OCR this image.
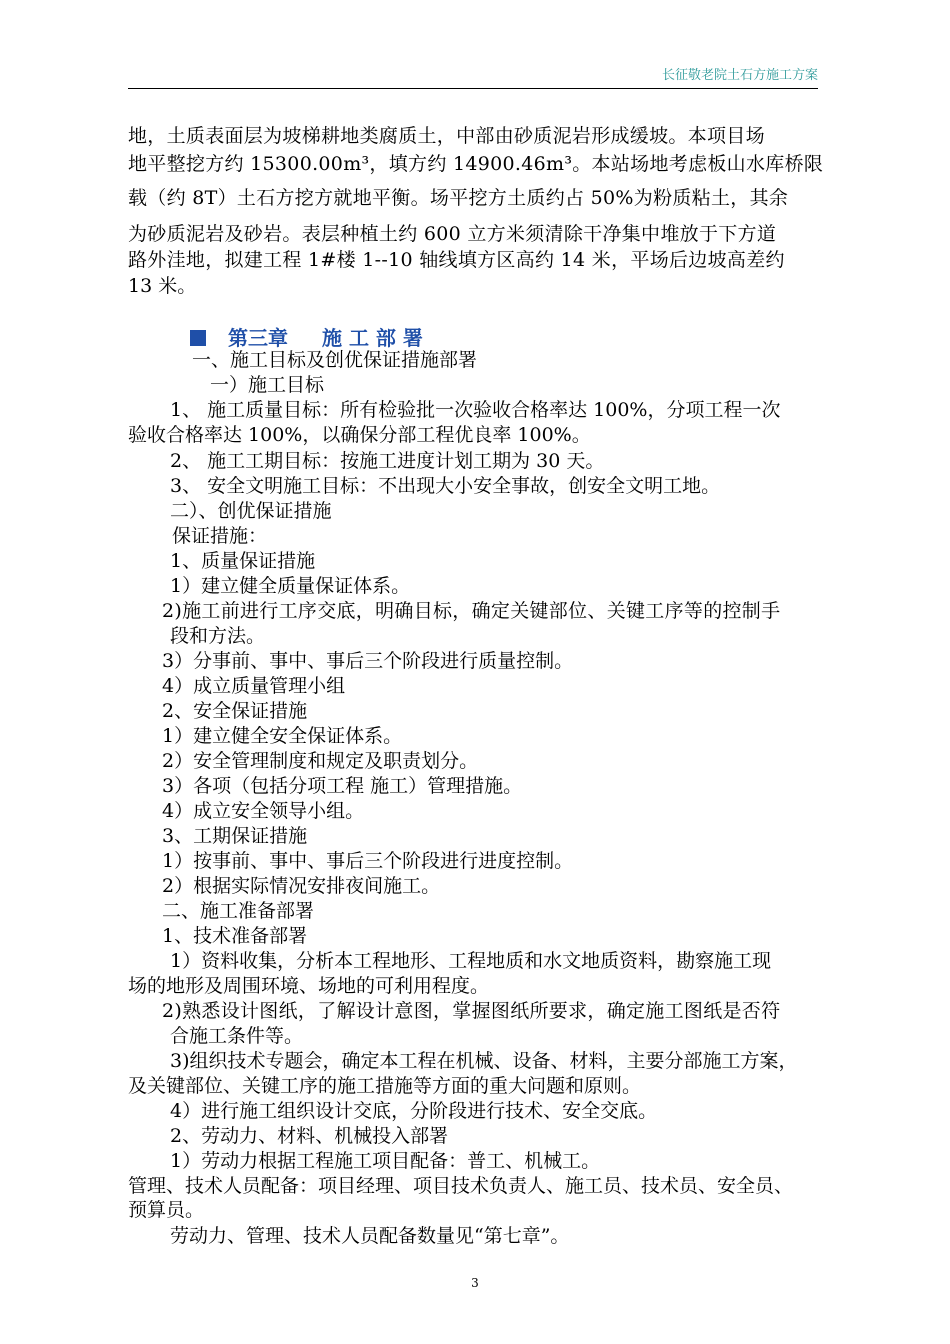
长征敬老院土石方施工方案
地，土质表面层为坡梯耕地类腐质土，中部由砂质泥岩形成缓坡。本项目场
地平整挖方约 15300.00m³，填方约 14900.46m³。本站场地考虑板山水库桥限
载（约 8T）土石方挖方就地平衡。场平挖方土质约占 50%为粉质粘土，其余
为砂质泥岩及砂岩。表层种植土约 600 立方米须清除干净集中堆放于下方道
路外洼地，拟建工程 1#楼 1--10 轴线填方区高约 14 米，平场后边坡高差约
13 米。
第三章 施 工 部 署
一、施工目标及创优保证措施部署
一）施工目标
1、 施工质量目标：所有检验批一次验收合格率达 100%，分项工程一次
验收合格率达 100%，以确保分部工程优良率 100%。
2、 施工工期目标：按施工进度计划工期为 30 天。
3、 安全文明施工目标：不出现大小安全事故，创安全文明工地。
二）、创优保证措施
保证措施：
1、质量保证措施
1）建立健全质量保证体系。
2)施工前进行工序交底，明确目标，确定关键部位、关键工序等的控制手
段和方法。
3）分事前、事中、事后三个阶段进行质量控制。
4）成立质量管理小组
2、安全保证措施
1）建立健全安全保证体系。
2）安全管理制度和规定及职责划分。
3）各项（包括分项工程 施工）管理措施。
4）成立安全领导小组。
3、工期保证措施
1）按事前、事中、事后三个阶段进行进度控制。
2）根据实际情况安排夜间施工。
二、施工准备部署
1、技术准备部署
1）资料收集，分析本工程地形、工程地质和水文地质资料，勘察施工现
场的地形及周围环境、场地的可利用程度。
2)熟悉设计图纸，了解设计意图，掌握图纸所要求，确定施工图纸是否符
合施工条件等。
3)组织技术专题会，确定本工程在机械、设备、材料，主要分部施工方案，
及关键部位、关键工序的施工措施等方面的重大问题和原则。
4）进行施工组织设计交底，分阶段进行技术、安全交底。
2、劳动力、材料、机械投入部署
1）劳动力根据工程施工项目配备：普工、机械工。
管理、技术人员配备：项目经理、项目技术负责人、施工员、技术员、安全员、
预算员。
劳动力、管理、技术人员配备数量见“第七章”。
3
